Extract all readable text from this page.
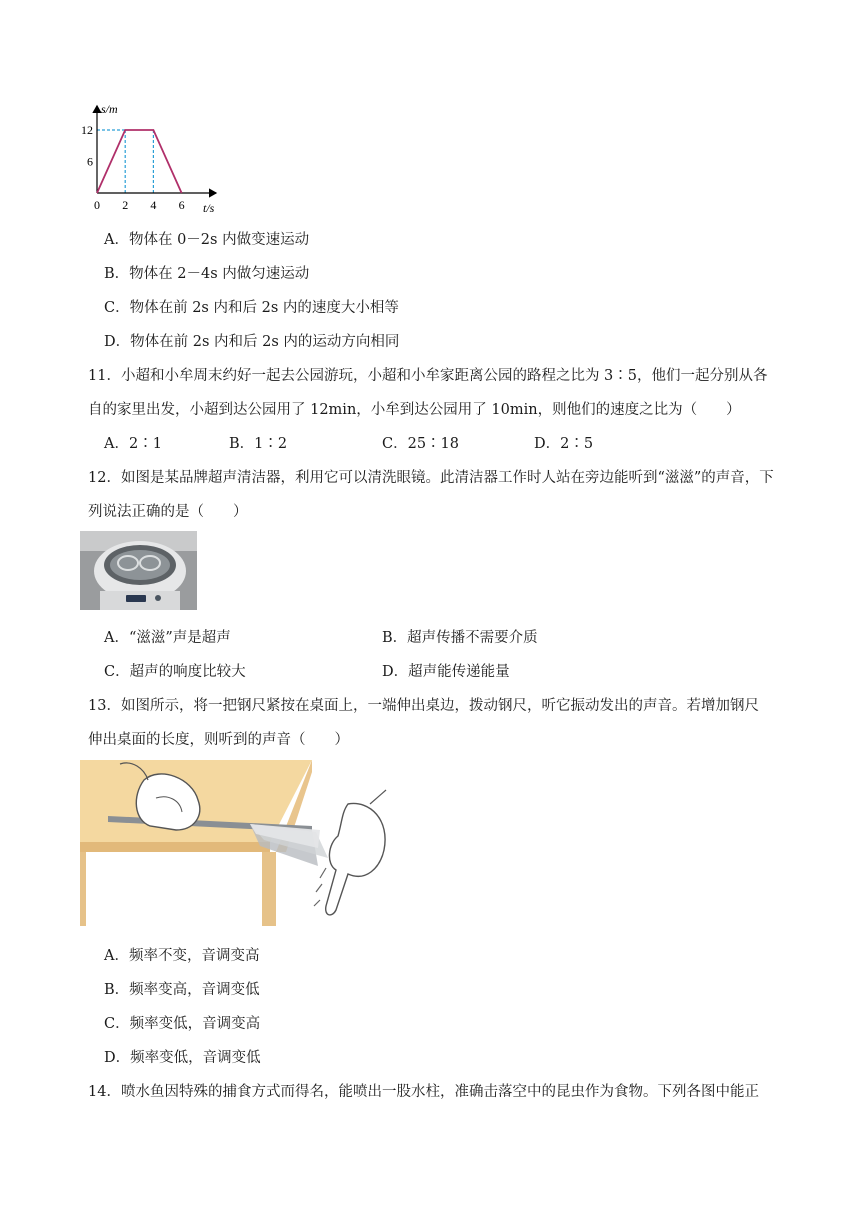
0 2 4 6
6
12
s/m
t/s
A．物体在 0－2s 内做变速运动
B．物体在 2－4s 内做匀速运动
C．物体在前 2s 内和后 2s 内的速度大小相等
D．物体在前 2s 内和后 2s 内的运动方向相同
11．小超和小牟周末约好一起去公园游玩，小超和小牟家距离公园的路程之比为 3∶5，他们一起分别从各
自的家里出发，小超到达公园用了 12min，小牟到达公园用了 10min，则他们的速度之比为（　　）
A．2∶1	B．1∶2	C．25∶18	D．2∶5
12．如图是某品牌超声清洁器，利用它可以清洗眼镜。此清洁器工作时人站在旁边能听到“滋滋”的声音，下
列说法正确的是（　　）
A．“滋滋”声是超声	B．超声传播不需要介质
C．超声的响度比较大	D．超声能传递能量
13．如图所示，将一把钢尺紧按在桌面上，一端伸出桌边，拨动钢尺，听它振动发出的声音。若增加钢尺
伸出桌面的长度，则听到的声音（　　）
A．频率不变，音调变高
B．频率变高，音调变低
C．频率变低，音调变高
D．频率变低，音调变低
14．喷水鱼因特殊的捕食方式而得名，能喷出一股水柱，准确击落空中的昆虫作为食物。下列各图中能正
